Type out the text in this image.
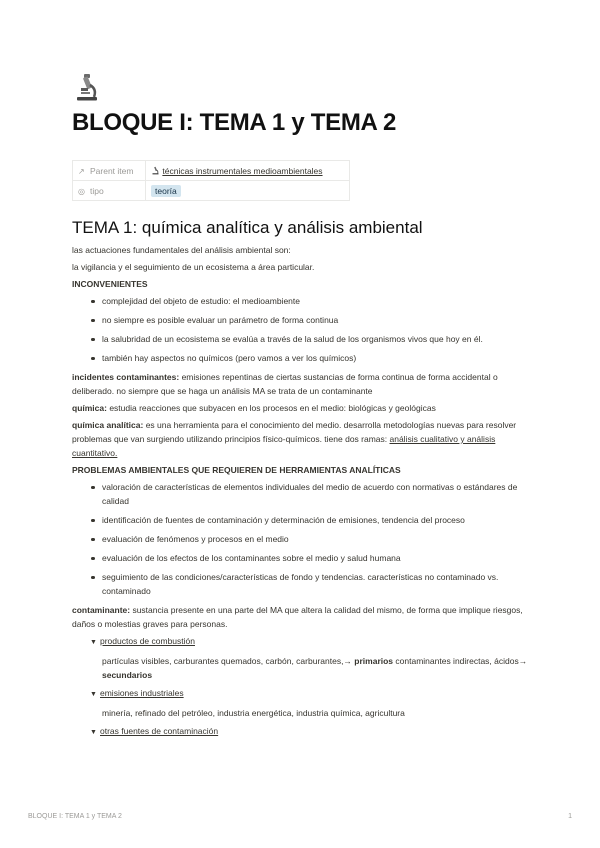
BLOQUE I: TEMA 1 y TEMA 2
↗ Parent item	técnicas instrumentales medioambientales
◎ tipo	teoría
TEMA 1: química analítica y análisis ambiental

las actuaciones fundamentales del análisis ambiental son:

la vigilancia y el seguimiento de un ecosistema a área particular.

INCONVENIENTES

complejidad del objeto de estudio: el medioambiente
no siempre es posible evaluar un parámetro de forma continua
la salubridad de un ecosistema se evalúa a través de la salud de los organismos vivos que hoy en él.
también hay aspectos no químicos (pero vamos a ver los químicos)

incidentes contaminantes: emisiones repentinas de ciertas sustancias de forma continua de forma accidental o deliberado. no siempre que se haga un análisis MA se trata de un contaminante

química: estudia reacciones que subyacen en los procesos en el medio: biológicas y geológicas

química analítica: es una herramienta para el conocimiento del medio. desarrolla metodologías nuevas para resolver problemas que van surgiendo utilizando principios físico-químicos. tiene dos ramas: análisis cualitativo y análisis cuantitativo.

PROBLEMAS AMBIENTALES QUE REQUIEREN DE HERRAMIENTAS ANALÍTICAS

valoración de características de elementos individuales del medio de acuerdo con normativas o estándares de calidad
identificación de fuentes de contaminación y determinación de emisiones, tendencia del proceso
evaluación de fenómenos y procesos en el medio
evaluación de los efectos de los contaminantes sobre el medio y salud humana
seguimiento de las condiciones/características de fondo y tendencias. características no contaminado vs. contaminado

contaminante: sustancia presente en una parte del MA que altera la calidad del mismo, de forma que implique riesgos, daños o molestias graves para personas.

▼ productos de combustión
partículas visibles, carburantes quemados, carbón, carburantes,→ primarios contaminantes indirectas, ácidos→ secundarios
▼ emisiones industriales
minería, refinado del petróleo, industria energética, industria química, agricultura
▼ otras fuentes de contaminación
BLOQUE I: TEMA 1 y TEMA 2	1
